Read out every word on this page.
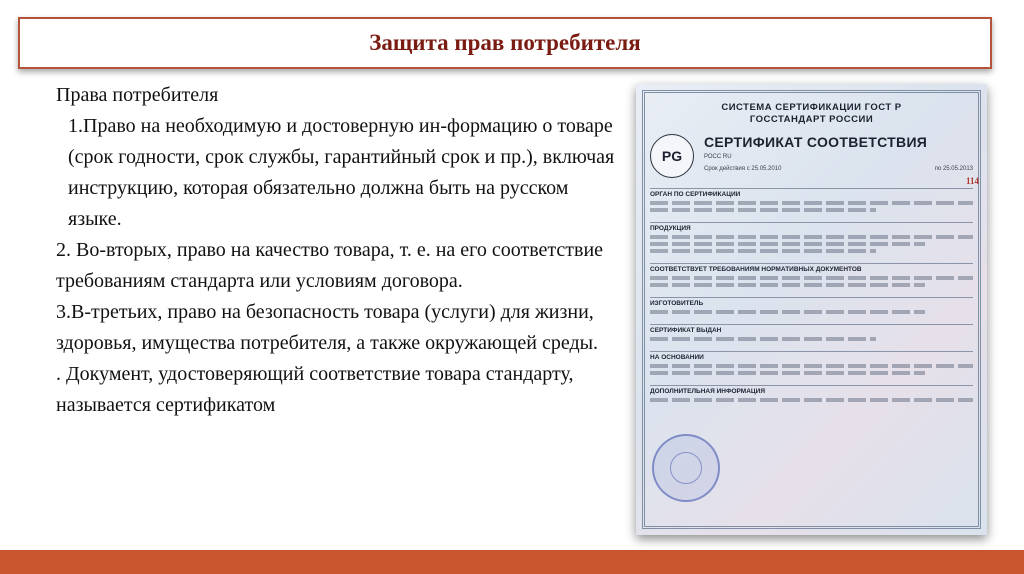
Защита прав потребителя

Права потребителя

1.Право на необходимую и достоверную ин-формацию о товаре (срок годности, срок службы, гарантийный срок и пр.), включая инструкцию, которая обязательно должна быть на русском языке.

2. Во-вторых, право на качество товара, т. е. на его соответствие требованиям стандарта или условиям договора.

3.В-третьих, право на безопасность товара (услуги) для жизни, здоровья, имущества потребителя, а также окружающей среды.

. Документ, удостоверяющий соответствие товара стандарту, называется сертификатом

СИСТЕМА СЕРТИФИКАЦИИ ГОСТ Р
ГОССТАНДАРТ РОССИИ
PG
СЕРТИФИКАТ СООТВЕТСТВИЯ
РОСС RU
Срок действия с 25.05.2010	по 25.05.2013
ОРГАН ПО СЕРТИФИКАЦИИ
ПРОДУКЦИЯ
СООТВЕТСТВУЕТ ТРЕБОВАНИЯМ НОРМАТИВНЫХ ДОКУМЕНТОВ
ИЗГОТОВИТЕЛЬ
СЕРТИФИКАТ ВЫДАН
НА ОСНОВАНИИ
ДОПОЛНИТЕЛЬНАЯ ИНФОРМАЦИЯ
114
